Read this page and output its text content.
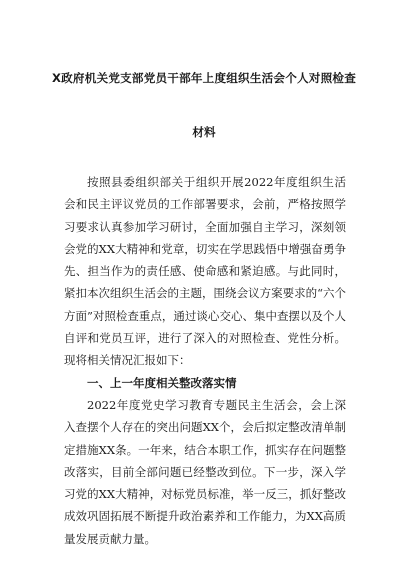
X政府机关党支部党员干部年上度组织生活会个人对照检查
材料

按照县委组织部关于组织开展2022年度组织生活会和民主评议党员的工作部署要求，会前，严格按照学习要求认真参加学习研讨，全面加强自主学习，深刻领会党的XX大精神和党章，切实在学思践悟中增强奋勇争先、担当作为的责任感、使命感和紧迫感。与此同时，紧扣本次组织生活会的主题，围绕会议方案要求的“六个方面”对照检查重点，通过谈心交心、集中查摆以及个人自评和党员互评，进行了深入的对照检查、党性分析。现将相关情况汇报如下：

一、上一年度相关整改落实情

2022年度党史学习教育专题民主生活会，会上深入查摆个人存在的突出问题XX个，会后拟定整改清单制定措施XX条。一年来，结合本职工作，抓实存在问题整改落实，目前全部问题已经整改到位。下一步，深入学习党的XX大精神，对标党员标准，举一反三，抓好整改成效巩固拓展不断提升政治素养和工作能力，为XX高质量发展贡献力量。
